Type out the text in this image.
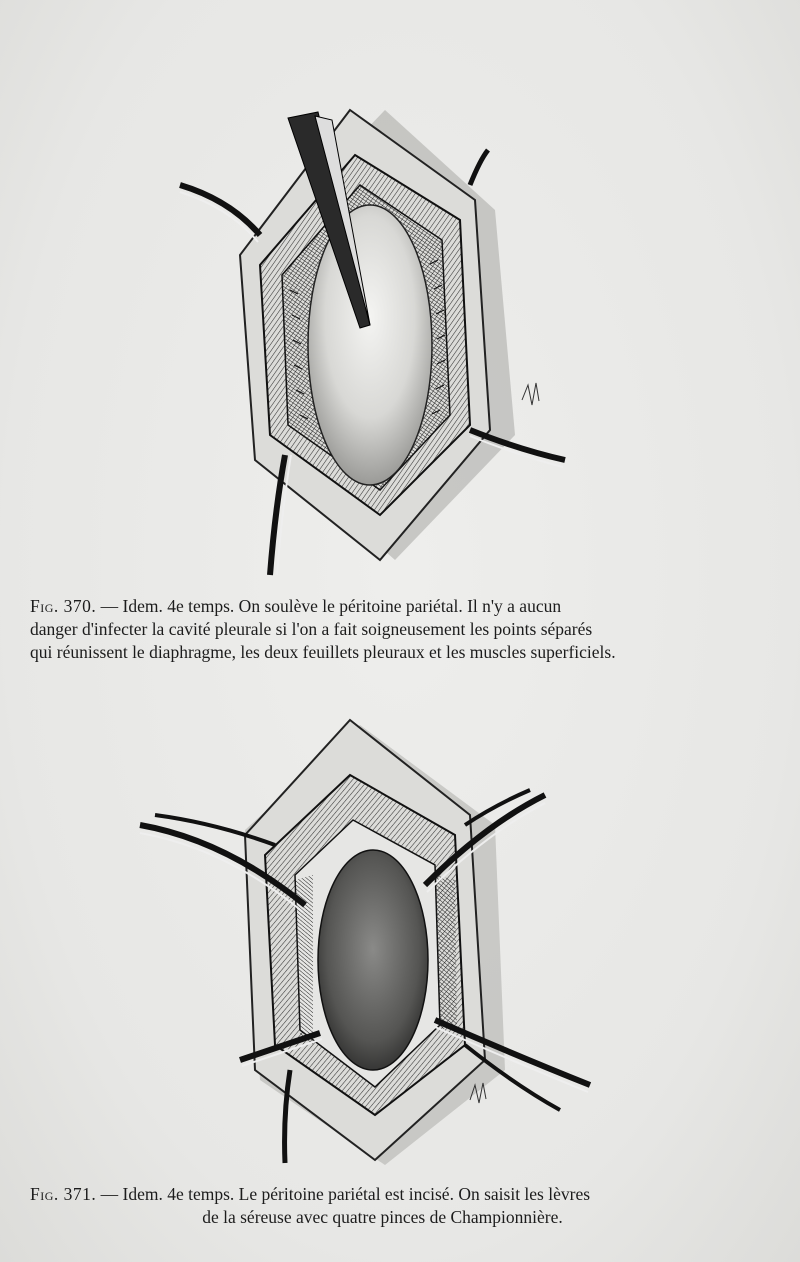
Fig. 370. — Idem. 4e temps. On soulève le péritoine pariétal. Il n'y a aucun
danger d'infecter la cavité pleurale si l'on a fait soigneusement les points séparés
qui réunissent le diaphragme, les deux feuillets pleuraux et les muscles superficiels.
Fig. 371. — Idem. 4e temps. Le péritoine pariétal est incisé. On saisit les lèvres
de la séreuse avec quatre pinces de Championnière.
